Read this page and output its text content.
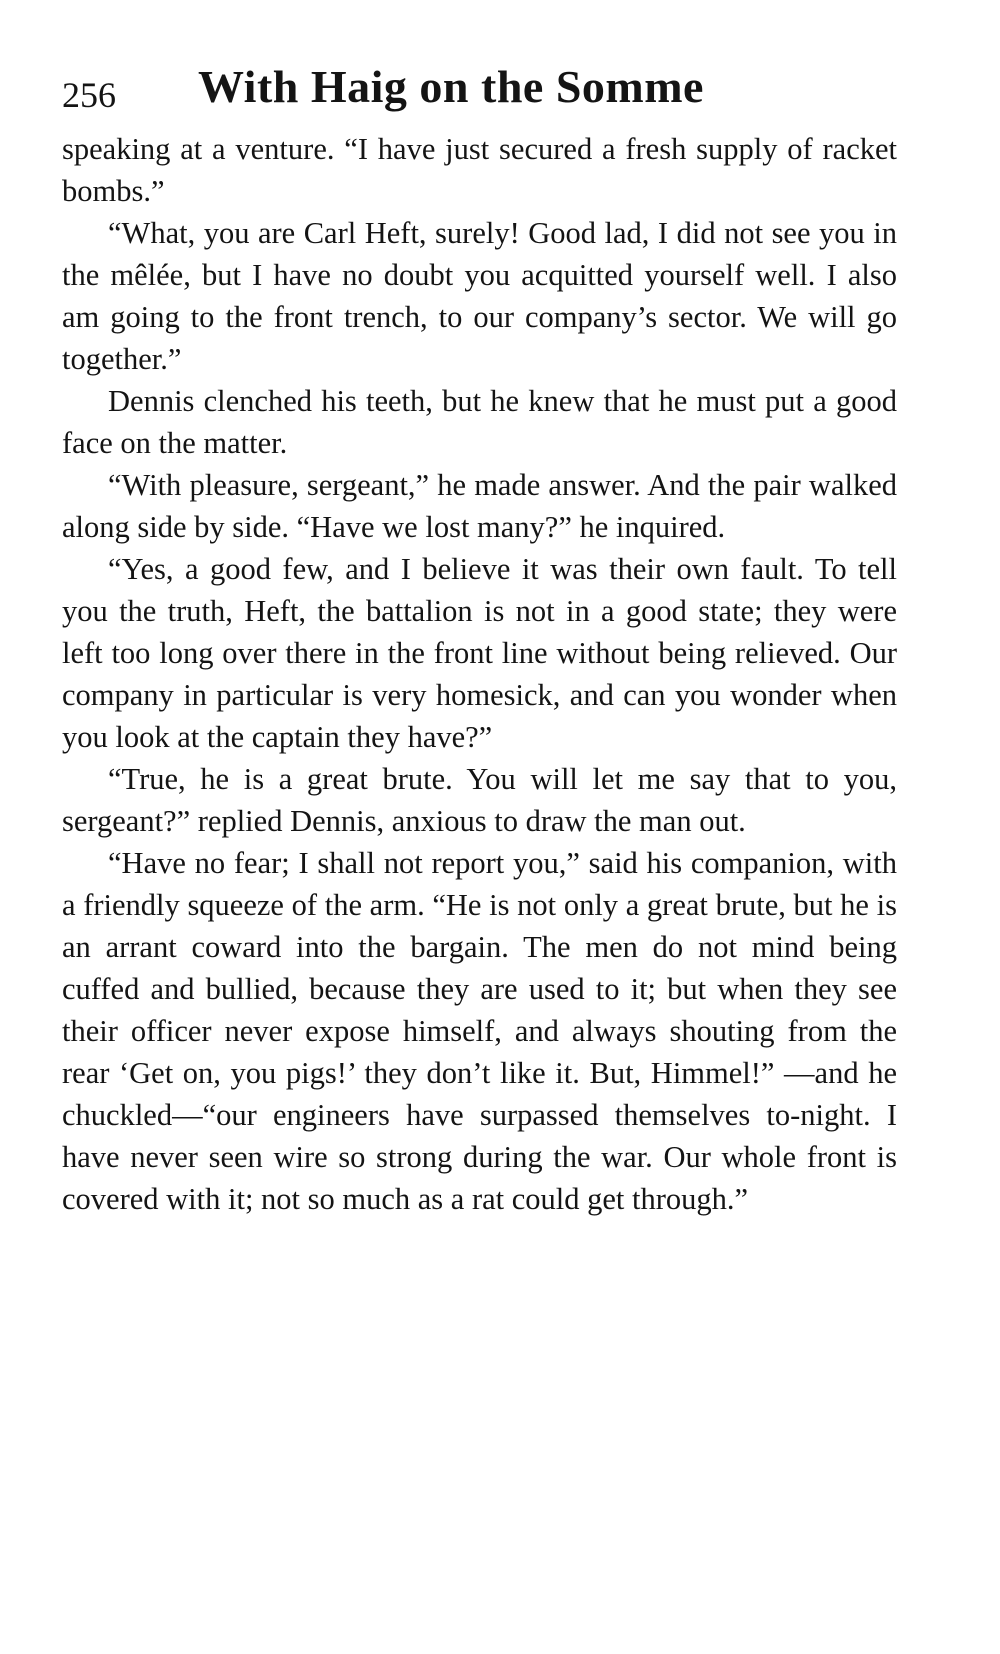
256 With Haig on the Somme

speaking at a venture. “I have just secured a fresh supply of racket bombs.”

“What, you are Carl Heft, surely! Good lad, I did not see you in the mêlée, but I have no doubt you acquitted yourself well. I also am going to the front trench, to our company’s sector. We will go together.”

Dennis clenched his teeth, but he knew that he must put a good face on the matter.

“With pleasure, sergeant,” he made answer. And the pair walked along side by side. “Have we lost many?” he inquired.

“Yes, a good few, and I believe it was their own fault. To tell you the truth, Heft, the battalion is not in a good state; they were left too long over there in the front line without being relieved. Our company in particular is very homesick, and can you wonder when you look at the captain they have?”

“True, he is a great brute. You will let me say that to you, sergeant?” replied Dennis, anxious to draw the man out.

“Have no fear; I shall not report you,” said his companion, with a friendly squeeze of the arm. “He is not only a great brute, but he is an arrant coward into the bargain. The men do not mind being cuffed and bullied, because they are used to it; but when they see their officer never expose himself, and always shouting from the rear ‘Get on, you pigs!’ they don’t like it. But, Himmel!” —and he chuckled—“our engineers have surpassed themselves to-night. I have never seen wire so strong during the war. Our whole front is covered with it; not so much as a rat could get through.”
